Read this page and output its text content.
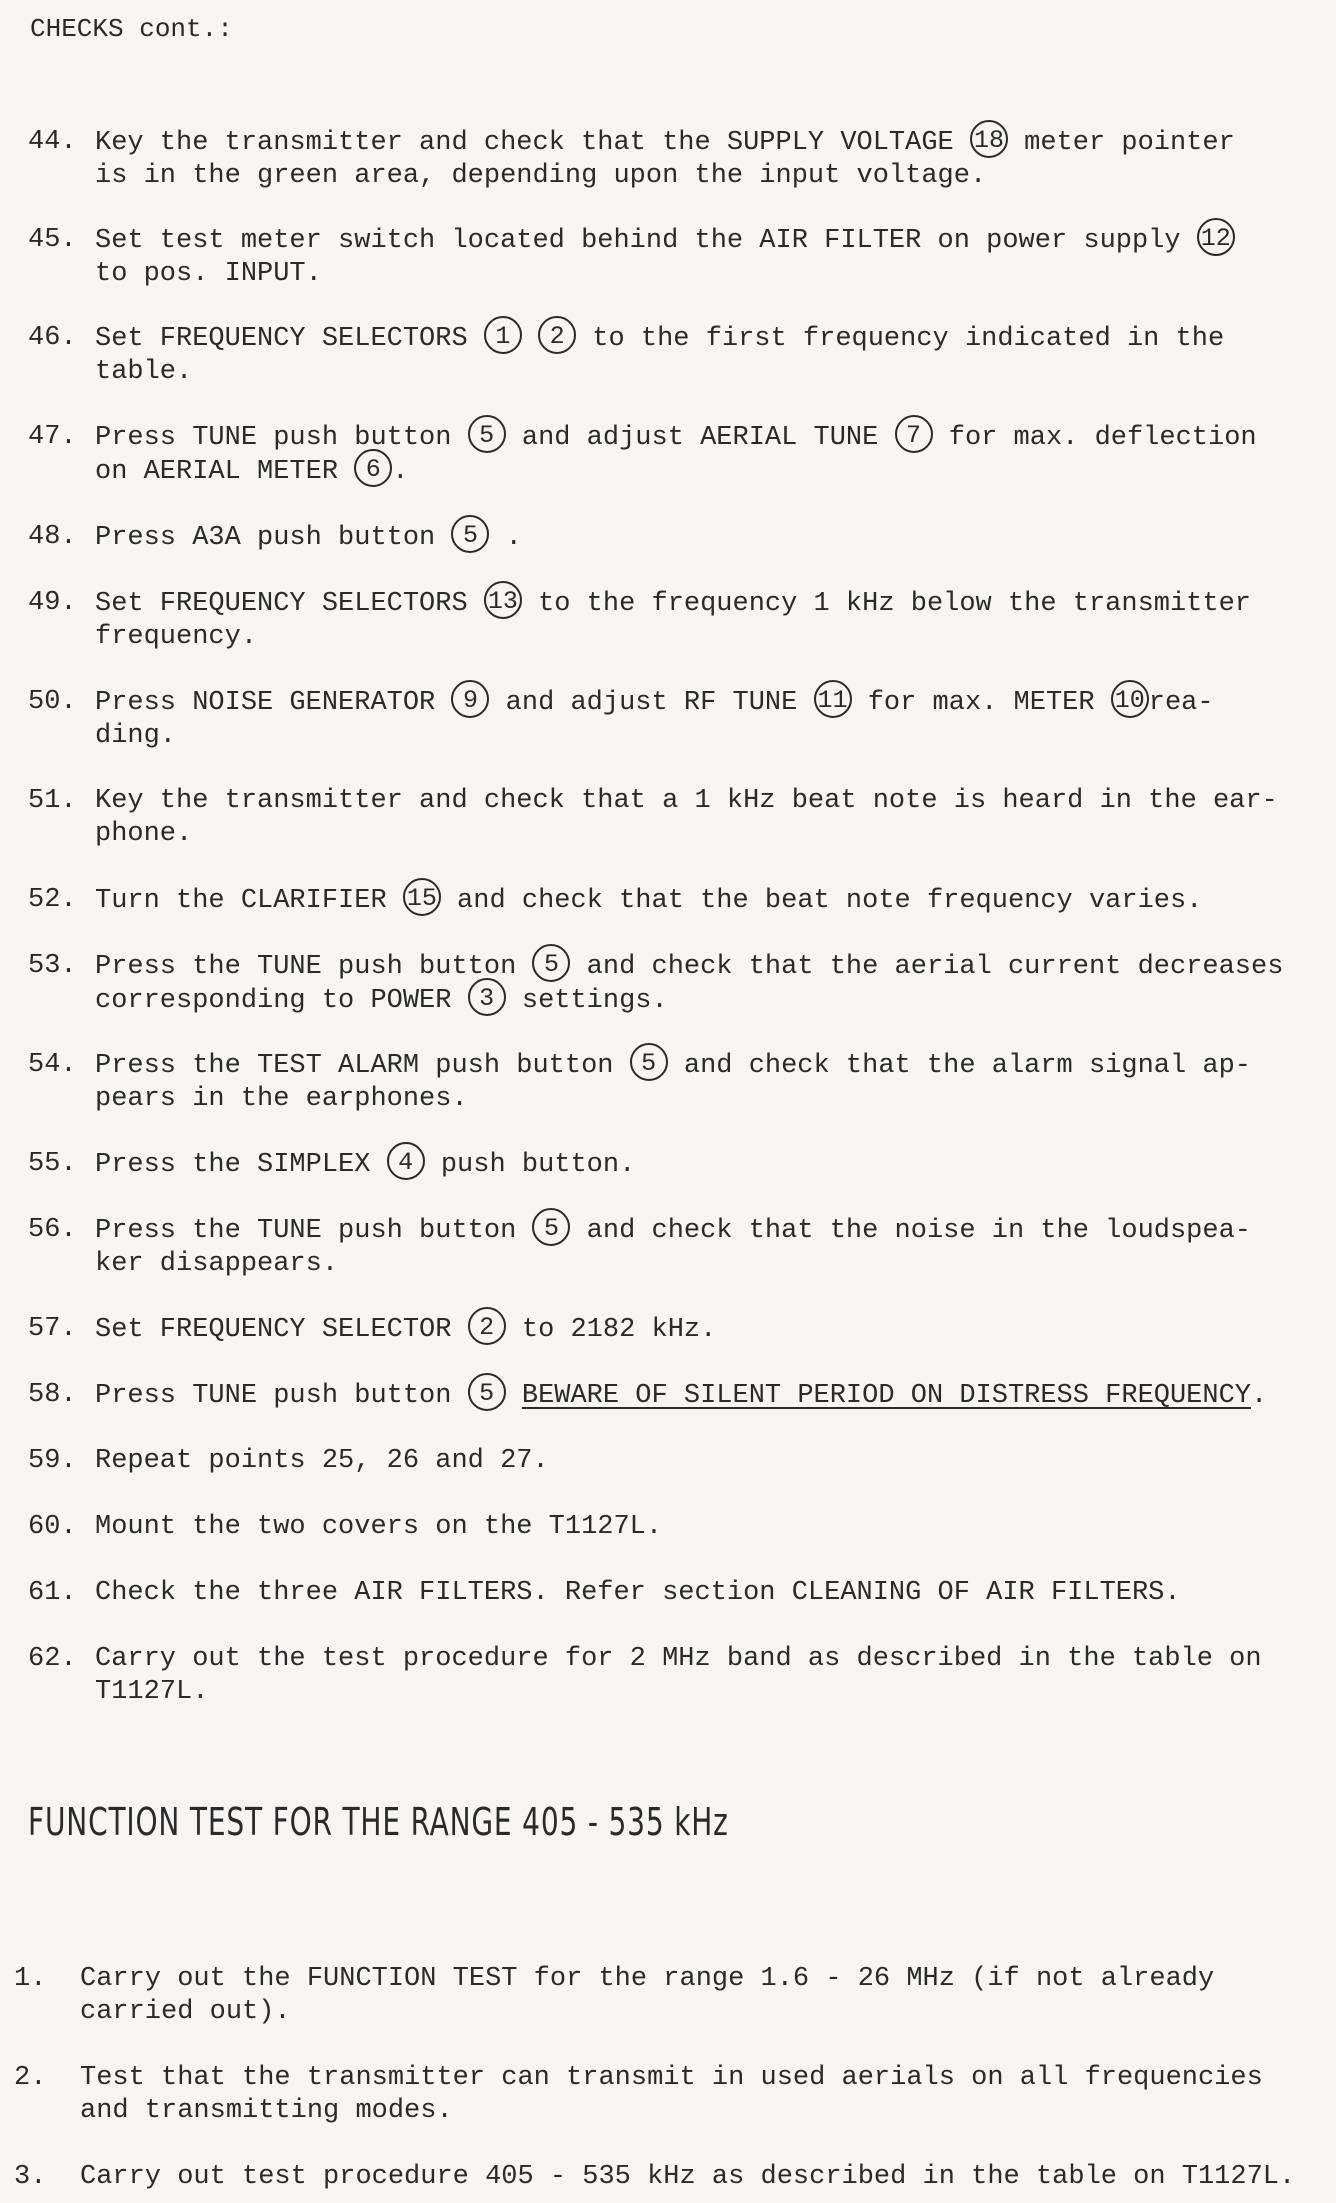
CHECKS cont.:
44. Key the transmitter and check that the SUPPLY VOLTAGE 18 meter pointer
is in the green area, depending upon the input voltage.
45. Set test meter switch located behind the AIR FILTER on power supply 12
to pos. INPUT.
46. Set FREQUENCY SELECTORS 1 2 to the first frequency indicated in the
table.
47. Press TUNE push button 5 and adjust AERIAL TUNE 7 for max. deflection
on AERIAL METER 6 .
48. Press A3A push button 5 .
49. Set FREQUENCY SELECTORS 13 to the frequency 1 kHz below the transmitter
frequency.
50. Press NOISE GENERATOR 9 and adjust RF TUNE 11 for max. METER 10 rea-
ding.
51. Key the transmitter and check that a 1 kHz beat note is heard in the ear-
phone.
52. Turn the CLARIFIER 15 and check that the beat note frequency varies.
53. Press the TUNE push button 5 and check that the aerial current decreases
corresponding to POWER 3 settings.
54. Press the TEST ALARM push button 5 and check that the alarm signal ap-
pears in the earphones.
55. Press the SIMPLEX 4 push button.
56. Press the TUNE push button 5 and check that the noise in the loudspea-
ker disappears.
57. Set FREQUENCY SELECTOR 2 to 2182 kHz.
58. Press TUNE push button 5 BEWARE OF SILENT PERIOD ON DISTRESS FREQUENCY.
59. Repeat points 25, 26 and 27.
60. Mount the two covers on the T1127L.
61. Check the three AIR FILTERS. Refer section CLEANING OF AIR FILTERS.
62. Carry out the test procedure for 2 MHz band as described in the table on
T1127L.
FUNCTION TEST FOR THE RANGE 405 - 535 kHz
1. Carry out the FUNCTION TEST for the range 1.6 - 26 MHz (if not already
carried out).
2. Test that the transmitter can transmit in used aerials on all frequencies
and transmitting modes.
3. Carry out test procedure 405 - 535 kHz as described in the table on T1127L.
